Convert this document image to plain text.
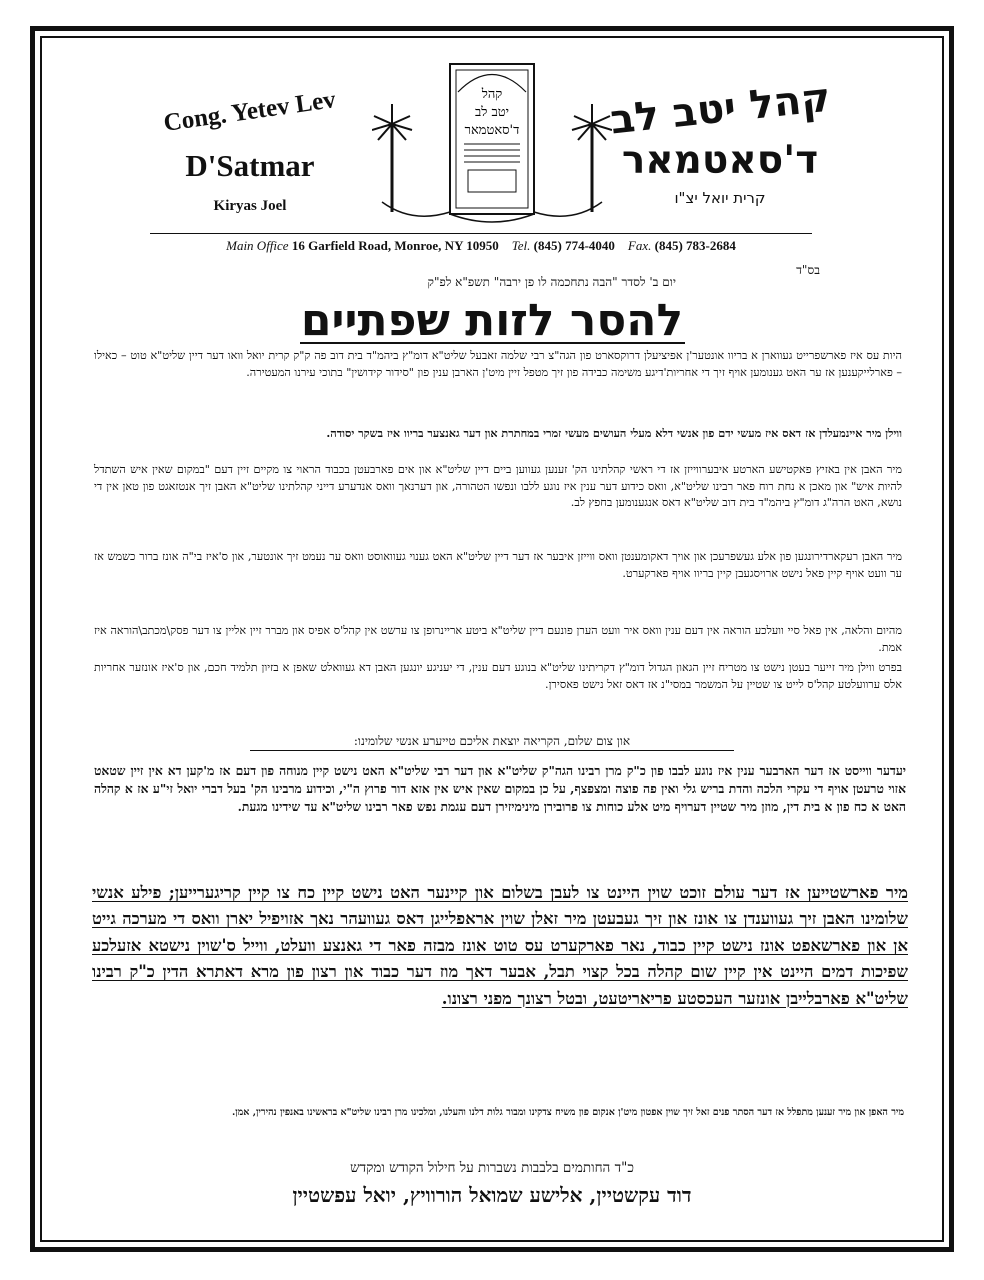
Cong. Yetev Lev
D'Satmar
Kiryas Joel
קהל
יטב לב
ד'סאטמאר קהל יטב לב
ד'סאטמאר
קרית יואל יצ"ו
Main Office 16 Garfield Road, Monroe, NY 10950 Tel. (845) 774-4040 Fax. (845) 783-2684
בס"ד
יום ב' לסדר "הבה נתחכמה לו פן ירבה" תשפ"א לפ"ק
להסר לזות שפתיים
היות עס איז פארשפרייט געווארן א בריוו אונטער'ן אפיציעלן דרוקסארט פון הגה"צ רבי שלמה זאבעל שליט"א דומ"ץ ביהמ"ד בית דוב פה ק"ק קרית יואל וואו דער דיין שליט"א טוט – כאילו – פארלייקענען אז ער האט גענומען אויף זיך די אחריות'דיגע משימה כבידה פון זיך מטפל זיין מיט'ן הארבן ענין פון "סידור קידושין" בתוכי עירנו המעטירה.
ווילן מיר איינמעלדן אז דאס איז מעשי ידם פון אנשי דלא מעלי העושים מעשי זמרי במחתרת און דער גאנצער בריוו איז בשקר יסודה.
מיר האבן אין באזיץ פאקטישע הארטע איבערווייזן אז די ראשי קהלתינו הק' זענען געווען ביים דיין שליט"א און אים פארבעטן בכבוד הראוי צו מקיים זיין דעם "במקום שאין איש השתדל להיות איש" און מאכן א נחת רוח פאר רבינו שליט"א, וואס כידוע דער ענין איז נוגע ללבו ונפשו הטהורה, און דערנאך וואס אנדערע דייני קהלתינו שליט"א האבן זיך אנטזאגט פון טאן אין די נושא, האט הרה"ג דומ"ץ ביהמ"ד בית דוב שליט"א דאס אנגענומען בחפץ לב.
מיר האבן רעקארדירונגען פון אלע געשפרעכן און אויך דאקומענטן וואס ווייזן איבער אז דער דיין שליט"א האט גענוי געוואוסט וואס ער נעמט זיך אונטער, און ס'איז בי"ה אונז ברור כשמש אז ער וועט אויף קיין פאל נישט ארויסגעבן קיין בריוו אויף פארקערט.
מהיום והלאה, אין פאל סיי וועלכע הוראה אין דעם ענין וואס איר וועט הערן פונעם דיין שליט"א ביטע אריינרופן צו ערשט אין קהל'ס אפיס און מברר זיין אליין צו דער פסק\מכתב\הוראה איז אמת.
בפרט ווילן מיר זייער בעטן נישט צו מטריח זיין הגאון הגדול דומ"ץ דקריתינו שליט"א בנוגע דעם ענין, די יעניגע יונגען האבן דא געוואלט שאפן א בזיון תלמיד חכם, און ס'איז אונזער אחריות אלס ערוועלטע קהל'ס לייט צו שטיין על המשמר במסי"נ אז דאס זאל נישט פאסירן.
און צום שלום, הקריאה יוצאת אליכם טייערע אנשי שלומינו:
יעדער ווייסט אז דער הארבער ענין איז נוגע לבבו פון כ"ק מרן רבינו הגה"ק שליט"א און דער רבי שליט"א האט נישט קיין מנוחה פון דעם אז מ'קען דא אין זיין שטאט אזוי טרעטן אויף די עקרי הלכה והדת בריש גלי ואין פה פוצה ומצפצף, על כן במקום שאין איש אין אזא דור פרוץ ה"י, וכידוע מרבינו הק' בעל דברי יואל זי"ע אז א קהלה האט א כח פון א בית דין, מוזן מיר שטיין דערויף מיט אלע כוחות צו פרובירן מינימיזירן דעם עגמת נפש פאר רבינו שליט"א עד שידינו מגעת.
מיר פארשטייען אז דער עולם זוכט שוין היינט צו לעבן בשלום און קיינער האט נישט קיין כח צו קיין קריגערייען; פילע אנשי שלומינו האבן זיך געווענדן צו אונז און זיך געבעטן מיר זאלן שוין אראפלייגן דאס געוועהר נאך אזויפיל יארן וואס די מערכה גייט אן און פארשאפט אונז נישט קיין כבוד, נאר פארקערט עס טוט אונז מבזה פאר די גאנצע וועלט, ווייל ס'שוין נישטא אזעלכע שפיכות דמים היינט אין קיין שום קהלה בכל קצוי תבל, אבער דאך מוז דער כבוד און רצון פון מרא דאתרא הדין כ"ק רבינו שליט"א פארבלייבן אונזער העכסטע פריאריטעט, ובטל רצונך מפני רצונו.
מיר האפן און מיר זענען מתפלל אז דער הסתר פנים זאל זיך שוין אפטון מיט'ן אנקום פון משיח צדקינו ומבור גלות דלנו והעלנו, ומלכינו מרן רבינו שליט"א בראשינו באנפין נהירין, אמן.
כ"ד החותמים בלבבות נשברות על חילול הקודש ומקדש
דוד עקשטיין, אלישע שמואל הורוויץ, יואל עפשטיין
